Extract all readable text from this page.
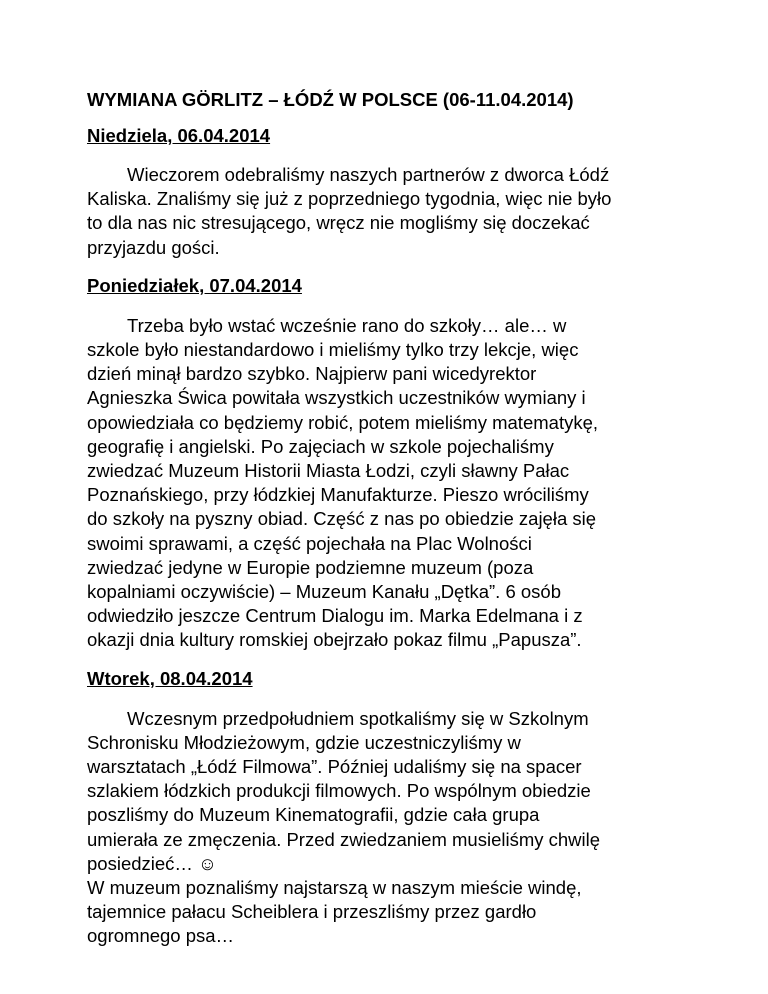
WYMIANA GÖRLITZ – ŁÓDŹ W POLSCE (06-11.04.2014)
Niedziela, 06.04.2014
Wieczorem odebraliśmy naszych partnerów z dworca Łódź
Kaliska. Znaliśmy się już z poprzedniego tygodnia, więc nie było
to dla nas nic stresującego, wręcz nie mogliśmy się doczekać
przyjazdu gości.
Poniedziałek, 07.04.2014
Trzeba było wstać wcześnie rano do szkoły… ale… w
szkole było niestandardowo i mieliśmy tylko trzy lekcje, więc
dzień minął bardzo szybko. Najpierw pani wicedyrektor
Agnieszka Świca powitała wszystkich uczestników wymiany i
opowiedziała co będziemy robić, potem mieliśmy matematykę,
geografię i angielski. Po zajęciach w szkole pojechaliśmy
zwiedzać Muzeum Historii Miasta Łodzi, czyli sławny Pałac
Poznańskiego, przy łódzkiej Manufakturze. Pieszo wróciliśmy
do szkoły na pyszny obiad. Część z nas po obiedzie zajęła się
swoimi sprawami, a część pojechała na Plac Wolności
zwiedzać jedyne w Europie podziemne muzeum (poza
kopalniami oczywiście) – Muzeum Kanału „Dętka”. 6 osób
odwiedziło jeszcze Centrum Dialogu im. Marka Edelmana i z
okazji dnia kultury romskiej obejrzało pokaz filmu „Papusza”.
Wtorek, 08.04.2014
Wczesnym przedpołudniem spotkaliśmy się w Szkolnym
Schronisku Młodzieżowym, gdzie uczestniczyliśmy w
warsztatach „Łódź Filmowa”. Później udaliśmy się na spacer
szlakiem łódzkich produkcji filmowych. Po wspólnym obiedzie
poszliśmy do Muzeum Kinematografii, gdzie cała grupa
umierała ze zmęczenia. Przed zwiedzaniem musieliśmy chwilę
posiedzieć… ☺
W muzeum poznaliśmy najstarszą w naszym mieście windę,
tajemnice pałacu Scheiblera i przeszliśmy przez gardło
ogromnego psa…
